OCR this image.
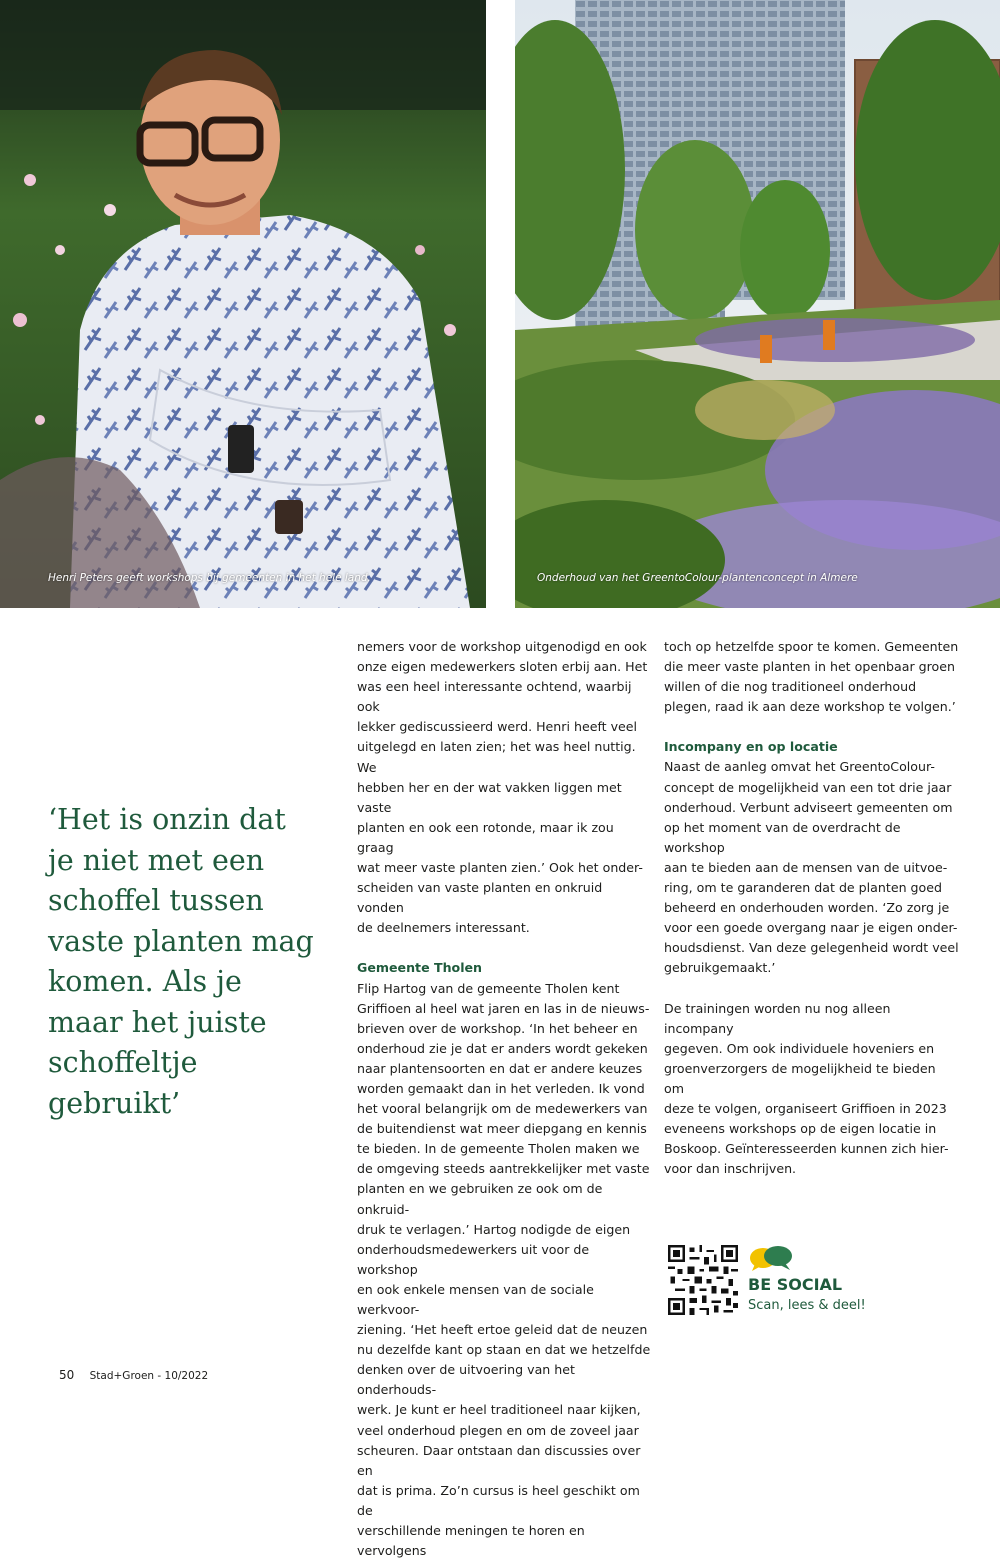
Henri Peters geeft workshops bij gemeenten in het hele land.	Onderhoud van het GreentoColour-plantenconcept in Almere
‘Het is onzin dat je niet met een schoffel tussen vaste planten mag komen. Als je maar het juiste schoffeltje gebruikt’

nemers voor de workshop uitgenodigd en ook
onze eigen medewerkers sloten erbij aan. Het
was een heel interessante ochtend, waarbij ook
lekker gediscussieerd werd. Henri heeft veel
uitgelegd en laten zien; het was heel nuttig. We
hebben her en der wat vakken liggen met vaste
planten en ook een rotonde, maar ik zou graag
wat meer vaste planten zien.’ Ook het onder-
scheiden van vaste planten en onkruid vonden
de deelnemers interessant.

Gemeente Tholen

Flip Hartog van de gemeente Tholen kent
Griffioen al heel wat jaren en las in de nieuws-
brieven over de workshop. ‘In het beheer en
onderhoud zie je dat er anders wordt gekeken
naar plantensoorten en dat er andere keuzes
worden gemaakt dan in het verleden. Ik vond
het vooral belangrijk om de medewerkers van
de buitendienst wat meer diepgang en kennis
te bieden. In de gemeente Tholen maken we
de omgeving steeds aantrekkelijker met vaste
planten en we gebruiken ze ook om de onkruid-
druk te verlagen.’ Hartog nodigde de eigen
onderhoudsmedewerkers uit voor de workshop
en ook enkele mensen van de sociale werkvoor-
ziening. ‘Het heeft ertoe geleid dat de neuzen
nu dezelfde kant op staan en dat we hetzelfde
denken over de uitvoering van het onderhouds-
werk. Je kunt er heel traditioneel naar kijken,
veel onderhoud plegen en om de zoveel jaar
scheuren. Daar ontstaan dan discussies over en
dat is prima. Zo’n cursus is heel geschikt om de
verschillende meningen te horen en vervolgens

toch op hetzelfde spoor te komen. Gemeenten
die meer vaste planten in het openbaar groen
willen of die nog traditioneel onderhoud
plegen, raad ik aan deze workshop te volgen.’

Incompany en op locatie

Naast de aanleg omvat het GreentoColour-
concept de mogelijkheid van een tot drie jaar
onderhoud. Verbunt adviseert gemeenten om
op het moment van de overdracht de workshop
aan te bieden aan de mensen van de uitvoe-
ring, om te garanderen dat de planten goed
beheerd en onderhouden worden. ‘Zo zorg je
voor een goede overgang naar je eigen onder-
houdsdienst. Van deze gelegenheid wordt veel
gebruikgemaakt.’

De trainingen worden nu nog alleen incompany
gegeven. Om ook individuele hoveniers en
groenverzorgers de mogelijkheid te bieden om
deze te volgen, organiseert Griffioen in 2023
eveneens workshops op de eigen locatie in
Boskoop. Geïnteresseerden kunnen zich hier-
voor dan inschrijven.

BE SOCIAL
Scan, lees & deel!
50 Stad+Groen - 10/2022
